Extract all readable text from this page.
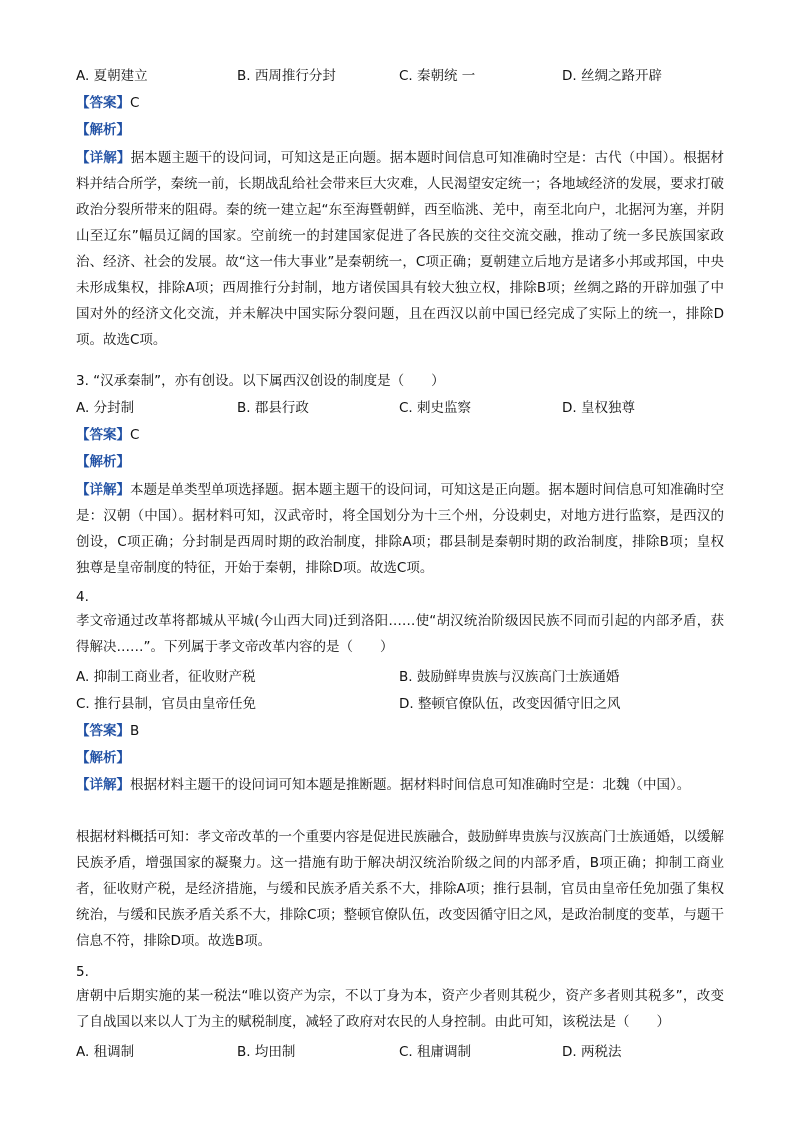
A. 夏朝建立	B. 西周推行分封	C. 秦朝统 一	D. 丝绸之路开辟
【答案】C
【解析】
【详解】据本题主题干的设问词，可知这是正向题。据本题时间信息可知准确时空是：古代（中国）。根据材料并结合所学，秦统一前，长期战乱给社会带来巨大灾难，人民渴望安定统一；各地域经济的发展，要求打破政治分裂所带来的阻碍。秦的统一建立起“东至海暨朝鲜，西至临洮、羌中，南至北向户，北据河为塞，并阴山至辽东”幅员辽阔的国家。空前统一的封建国家促进了各民族的交往交流交融，推动了统一多民族国家政治、经济、社会的发展。故“这一伟大事业”是秦朝统一，C项正确；夏朝建立后地方是诸多小邦或邦国，中央未形成集权，排除A项；西周推行分封制，地方诸侯国具有较大独立权，排除B项；丝绸之路的开辟加强了中国对外的经济文化交流，并未解决中国实际分裂问题，且在西汉以前中国已经完成了实际上的统一，排除D项。故选C项。
3. “汉承秦制”，亦有创设。以下属西汉创设的制度是（　　）
A. 分封制	B. 郡县行政	C. 刺史监察	D. 皇权独尊
【答案】C
【解析】
【详解】本题是单类型单项选择题。据本题主题干的设问词，可知这是正向题。据本题时间信息可知准确时空是：汉朝（中国）。据材料可知，汉武帝时，将全国划分为十三个州，分设刺史，对地方进行监察，是西汉的创设，C项正确；分封制是西周时期的政治制度，排除A项；郡县制是秦朝时期的政治制度，排除B项；皇权独尊是皇帝制度的特征，开始于秦朝，排除D项。故选C项。
4.
孝文帝通过改革将都城从平城(今山西大同)迁到洛阳……使“胡汉统治阶级因民族不同而引起的内部矛盾，获得解决……”。下列属于孝文帝改革内容的是（　　）
A. 抑制工商业者，征收财产税	B. 鼓励鲜卑贵族与汉族高门士族通婚
C. 推行县制，官员由皇帝任免	D. 整顿官僚队伍，改变因循守旧之风
【答案】B
【解析】
【详解】根据材料主题干的设问词可知本题是推断题。据材料时间信息可知准确时空是：北魏（中国）。
根据材料概括可知：孝文帝改革的一个重要内容是促进民族融合，鼓励鲜卑贵族与汉族高门士族通婚，以缓解民族矛盾，增强国家的凝聚力。这一措施有助于解决胡汉统治阶级之间的内部矛盾，B项正确；抑制工商业者，征收财产税，是经济措施，与缓和民族矛盾关系不大，排除A项；推行县制，官员由皇帝任免加强了集权统治，与缓和民族矛盾关系不大，排除C项；整顿官僚队伍，改变因循守旧之风，是政治制度的变革，与题干信息不符，排除D项。故选B项。
5.
唐朝中后期实施的某一税法“唯以资产为宗，不以丁身为本，资产少者则其税少，资产多者则其税多”，改变了自战国以来以人丁为主的赋税制度，减轻了政府对农民的人身控制。由此可知，该税法是（　　）
A. 租调制	B. 均田制	C. 租庸调制	D. 两税法
